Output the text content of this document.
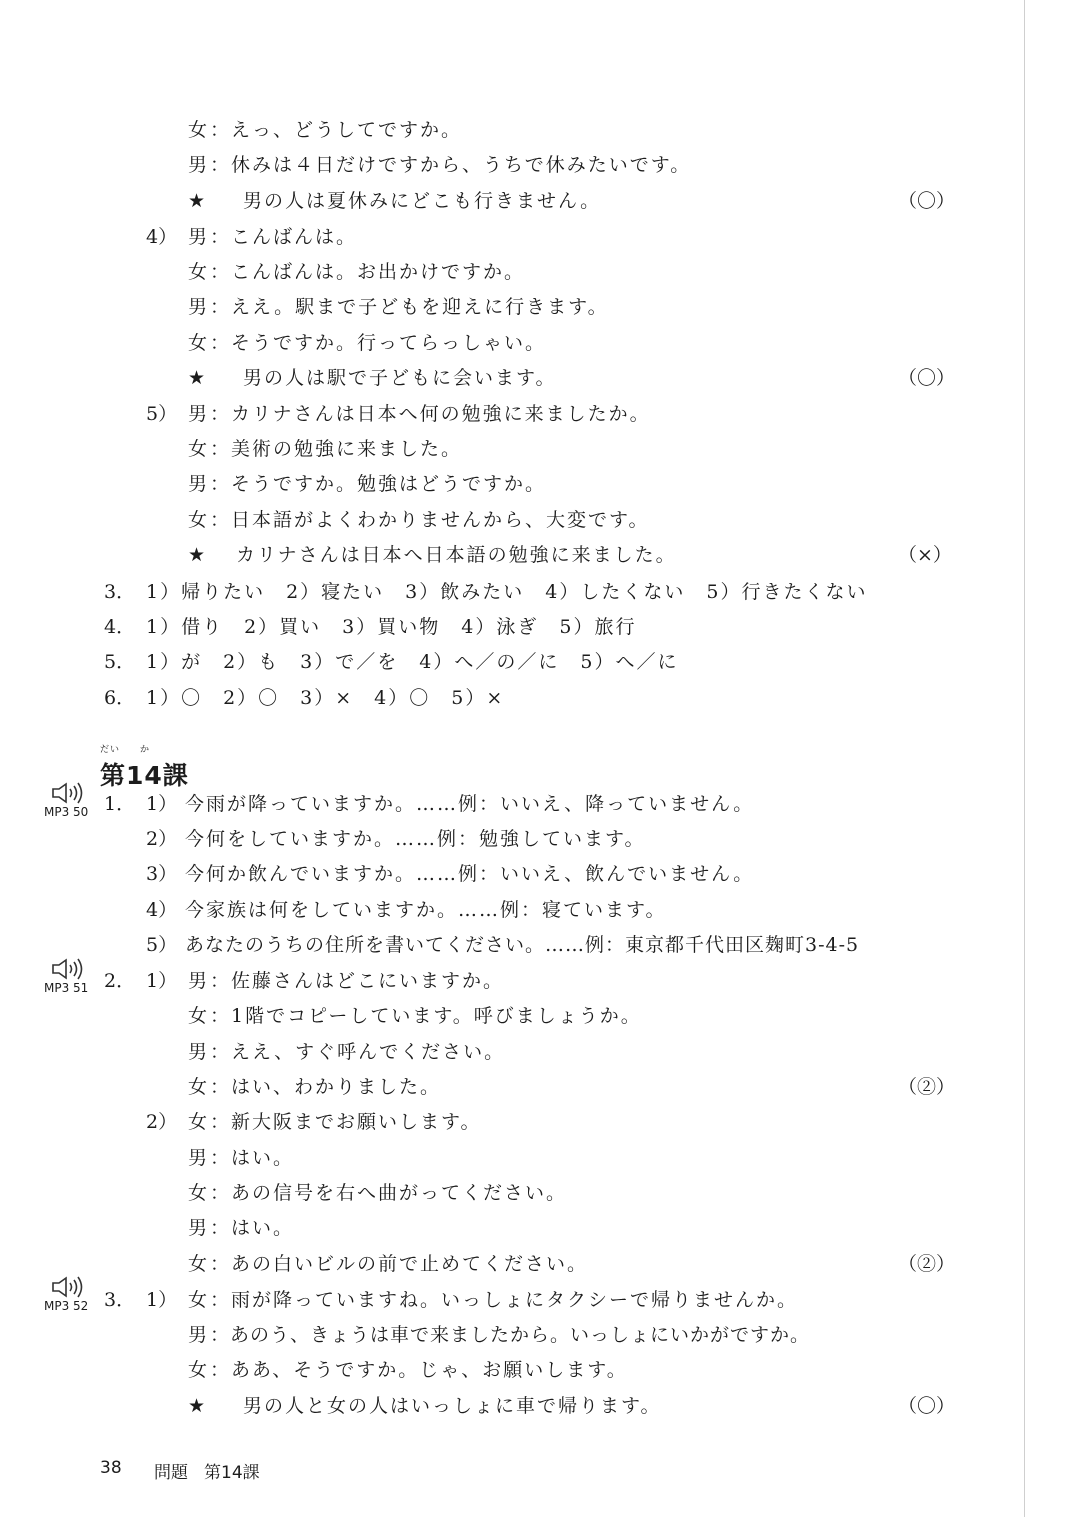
女 ：えっ、どうしてですか。
男 ：休みは４日だけですから、うちで休みたいです。
★ 男の人は夏休みにどこも行きません。	（〇）
4） 男 ：こんばんは。
女 ：こんばんは。お出かけですか。
男 ：ええ。駅まで子どもを迎えに行きます。
女 ：そうですか。行ってらっしゃい。
★ 男の人は駅で子どもに会います。	（〇）
5） 男 ：カリナさんは日本へ何の勉強に来ましたか。
女 ：美術の勉強に来ました。
男 ：そうですか。勉強はどうですか。
女 ：日本語がよくわかりませんから、大変です。
★ カリナさんは日本へ日本語の勉強に来ました。	（×）
3． 1）帰りたい　2）寝たい　3）飲みたい　4）したくない　5）行きたくない
4． 1）借り　2）買い　3）買い物　4）泳ぎ　5）旅行
5． 1）が　2）も　3）で／を　4）へ／の／に　5）へ／に
6． 1）〇　2）〇　3）×　4）〇　5）×
だい　　か
第14課
MP3 50
MP3 51
MP3 52
1． 1） 今雨が降っていますか。……例：いいえ、降っていません。
2） 今何をしていますか。……例：勉強しています。
3） 今何か飲んでいますか。……例：いいえ、飲んでいません。
4） 今家族は何をしていますか。……例：寝ています。
5） あなたのうちの住所を書いてください。……例：東京都千代田区麹町3-4-5
2． 1） 男 ：佐藤さんはどこにいますか。
女 ：1階でコピーしています。呼びましょうか。
男 ：ええ、すぐ呼んでください。
女 ：はい、わかりました。	（②）
2） 女 ：新大阪までお願いします。
男 ：はい。
女 ：あの信号を右へ曲がってください。
男 ：はい。
女 ：あの白いビルの前で止めてください。	（②）
3． 1） 女 ：雨が降っていますね。いっしょにタクシーで帰りませんか。
男 ：あのう、きょうは車で来ましたから。いっしょにいかがですか。
女 ：ああ、そうですか。じゃ、お願いします。
★ 男の人と女の人はいっしょに車で帰ります。	（〇）
38 問題 第14課
